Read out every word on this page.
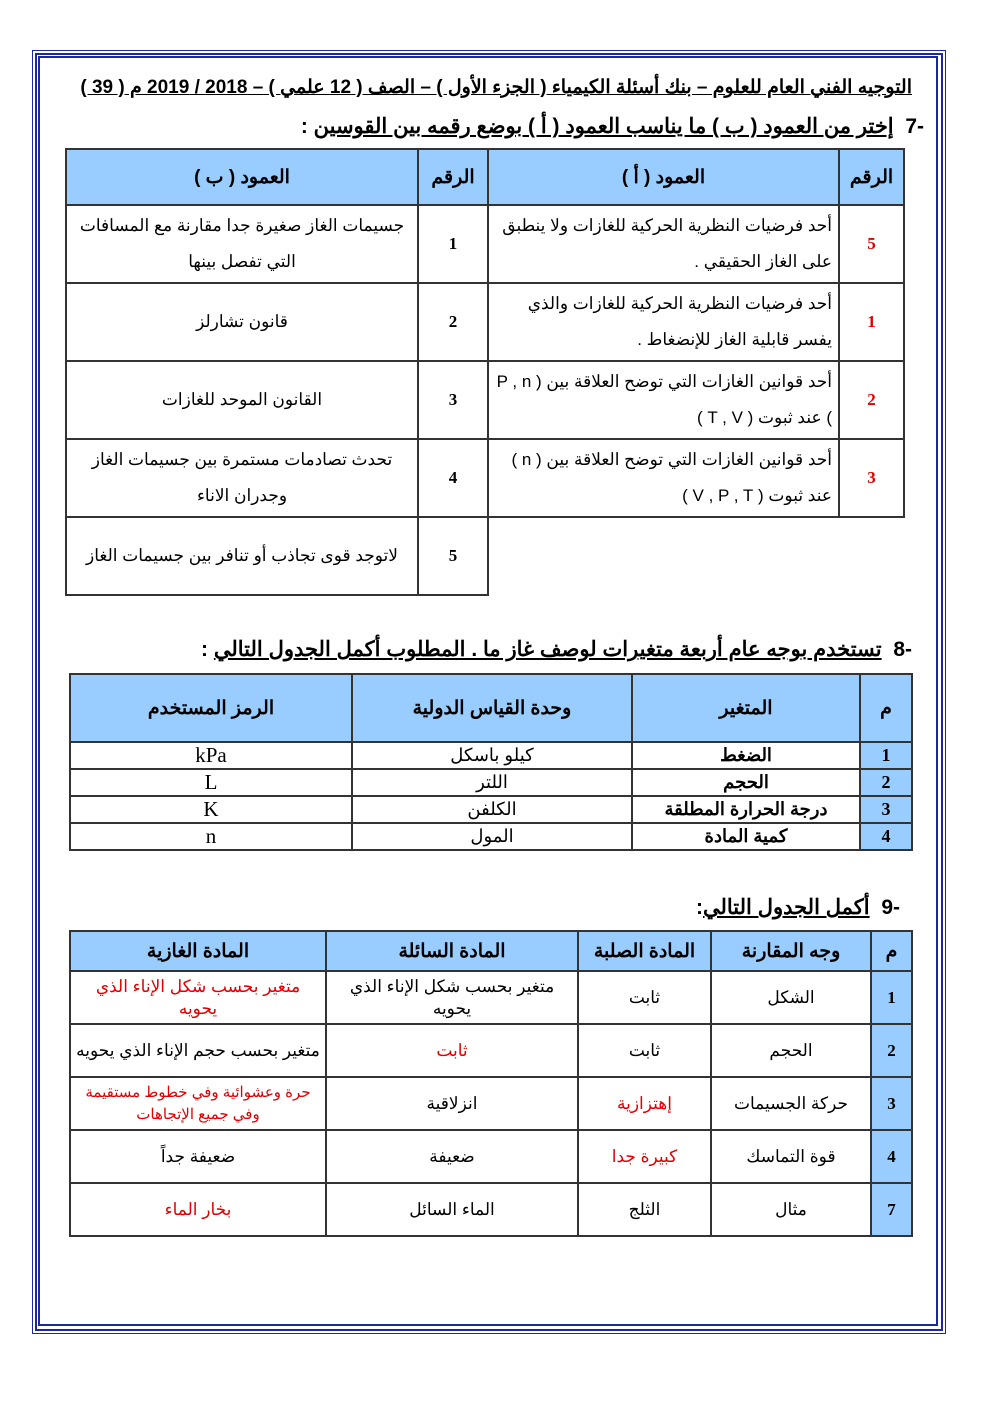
التوجيه الفني العام للعلوم – بنك أسئلة الكيمياء ( الجزء الأول ) – الصف ( 12 علمي ) – 2018 / 2019 م ( 39 )
-7  إختر من العمود ( ب ) ما يناسب العمود ( أ ) بوضع رقمه بين القوسين :
الرقم	العمود ( أ )	الرقم	العمود ( ب )
5	أحد فرضيات النظرية الحركية للغازات ولا ينطبق على الغاز الحقيقي .	1	جسيمات الغاز صغيرة جدا مقارنة مع المسافات التي تفصل بينها
1	أحد فرضيات النظرية الحركية للغازات والذي يفسر قابلية الغاز للإنضغاط .	2	قانون تشارلز
2	أحد قوانين الغازات التي توضح العلاقة بين ( P , n ) عند ثبوت ( T , V )	3	القانون الموحد للغازات
3	أحد قوانين الغازات التي توضح العلاقة بين ( n ) عند ثبوت ( V , P , T )	4	تحدث تصادمات مستمرة بين جسيمات الغاز وجدران الاناء
		5	لاتوجد قوى تجاذب أو تنافر بين جسيمات الغاز
-8  تستخدم بوجه عام أربعة متغيرات لوصف غاز ما . المطلوب أكمل الجدول التالي :
م	المتغير	وحدة القياس الدولية	الرمز المستخدم
1	الضغط	كيلو باسكل	kPa
2	الحجم	اللتر	L
3	درجة الحرارة المطلقة	الكلفن	K
4	كمية المادة	المول	n
-9  أكمل الجدول التالي:
م	وجه المقارنة	المادة الصلبة	المادة السائلة	المادة الغازية
1	الشكل	ثابت	متغير بحسب شكل الإناء الذي يحويه	متغير بحسب شكل الإناء الذي يحويه
2	الحجم	ثابت	ثابت	متغير بحسب حجم الإناء الذي يحويه
3	حركة الجسيمات	إهتزازية	انزلاقية	حرة وعشوائية وفي خطوط مستقيمة وفي جميع الإتجاهات
4	قوة التماسك	كبيرة جدا	ضعيفة	ضعيفة جداً
7	مثال	الثلج	الماء السائل	بخار الماء
